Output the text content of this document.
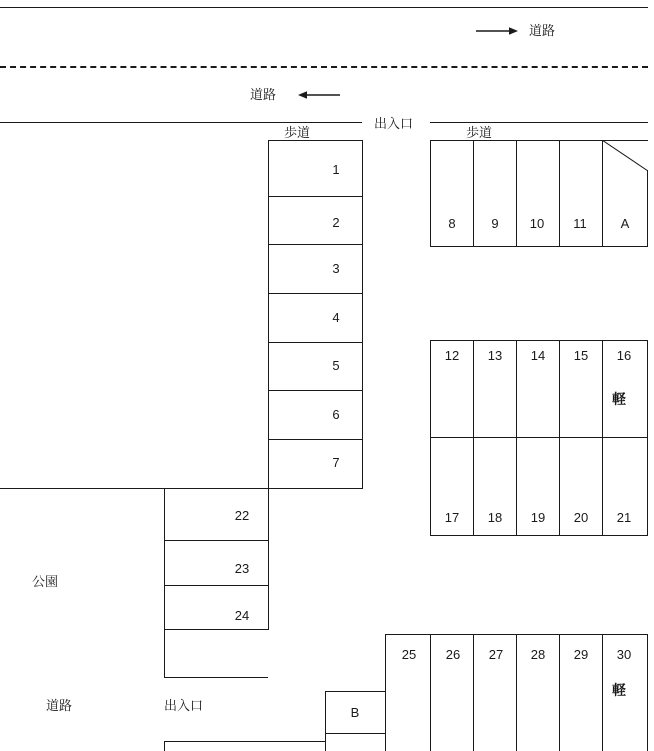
道路
道路
出入口
歩道	歩道
1
2
3
4
5
6
7
公園
22
23
24
8	9	10	11	A
12 13	14	15	16
軽
17 18	19	20	21
25	26	27	28	29	30
軽
道路	出入口	B
